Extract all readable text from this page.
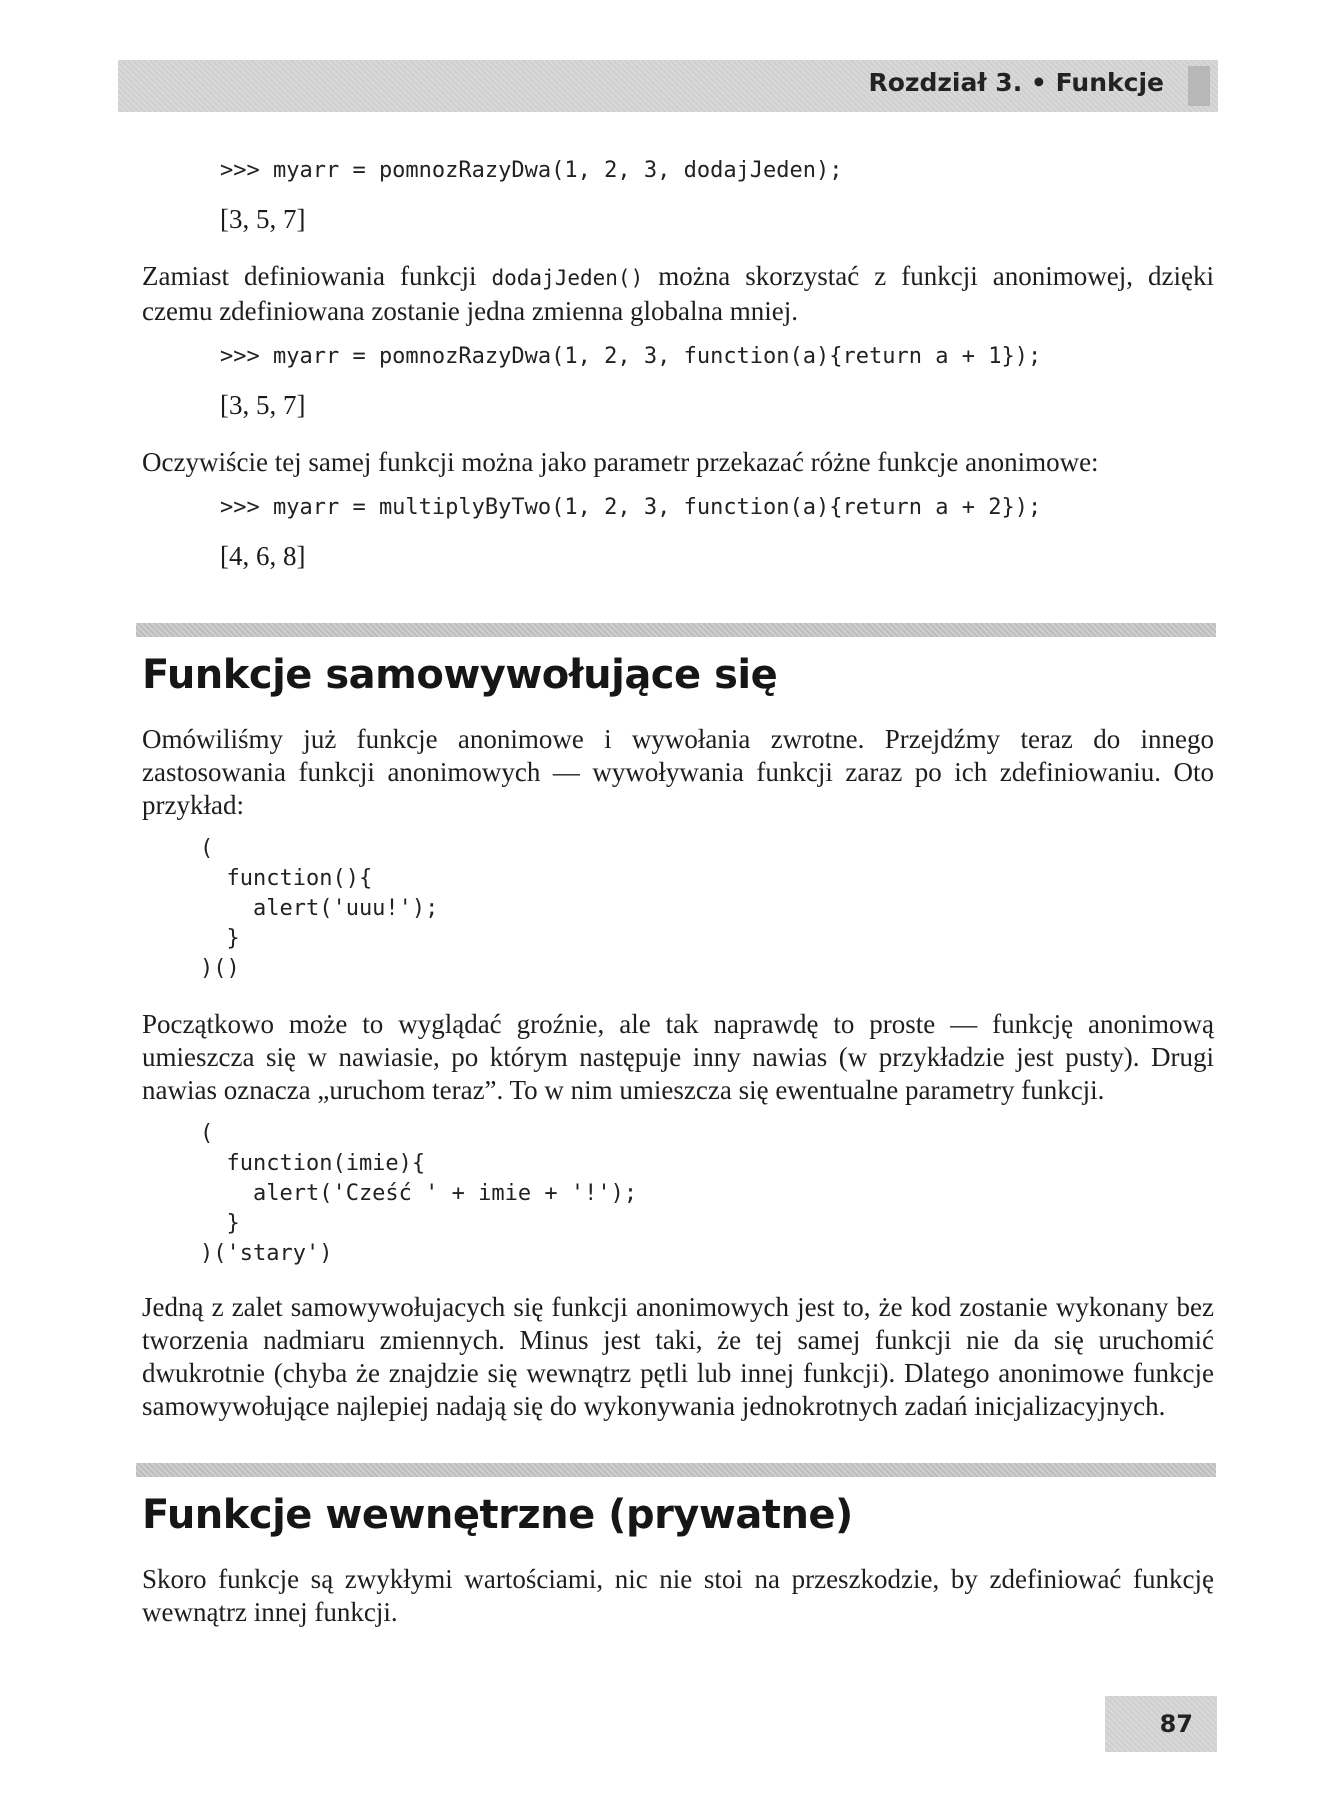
Rozdział 3. • Funkcje
>>> myarr = pomnozRazyDwa(1, 2, 3, dodajJeden);
[3, 5, 7]

Zamiast definiowania funkcji dodajJeden() można skorzystać z funkcji anonimowej, dzięki czemu zdefiniowana zostanie jedna zmienna globalna mniej.

>>> myarr = pomnozRazyDwa(1, 2, 3, function(a){return a + 1});
[3, 5, 7]

Oczywiście tej samej funkcji można jako parametr przekazać różne funkcje anonimowe:

>>> myarr = multiplyByTwo(1, 2, 3, function(a){return a + 2});
[4, 6, 8]
Funkcje samowywołujące się

Omówiliśmy już funkcje anonimowe i wywołania zwrotne. Przejdźmy teraz do innego zastosowania funkcji anonimowych — wywoływania funkcji zaraz po ich zdefiniowaniu. Oto przykład:

(
function(){
alert('uuu!');
}
)()

Początkowo może to wyglądać groźnie, ale tak naprawdę to proste — funkcję anonimową umieszcza się w nawiasie, po którym następuje inny nawias (w przykładzie jest pusty). Drugi nawias oznacza „uruchom teraz”. To w nim umieszcza się ewentualne parametry funkcji.

(
function(imie){
alert('Cześć ' + imie + '!');
}
)('stary')

Jedną z zalet samowywołujacych się funkcji anonimowych jest to, że kod zostanie wykonany bez tworzenia nadmiaru zmiennych. Minus jest taki, że tej samej funkcji nie da się uruchomić dwukrotnie (chyba że znajdzie się wewnątrz pętli lub innej funkcji). Dlatego anonimowe funkcje samowywołujące najlepiej nadają się do wykonywania jednokrotnych zadań inicjalizacyjnych.

Funkcje wewnętrzne (prywatne)

Skoro funkcje są zwykłymi wartościami, nic nie stoi na przeszkodzie, by zdefiniować funkcję wewnątrz innej funkcji.

87
